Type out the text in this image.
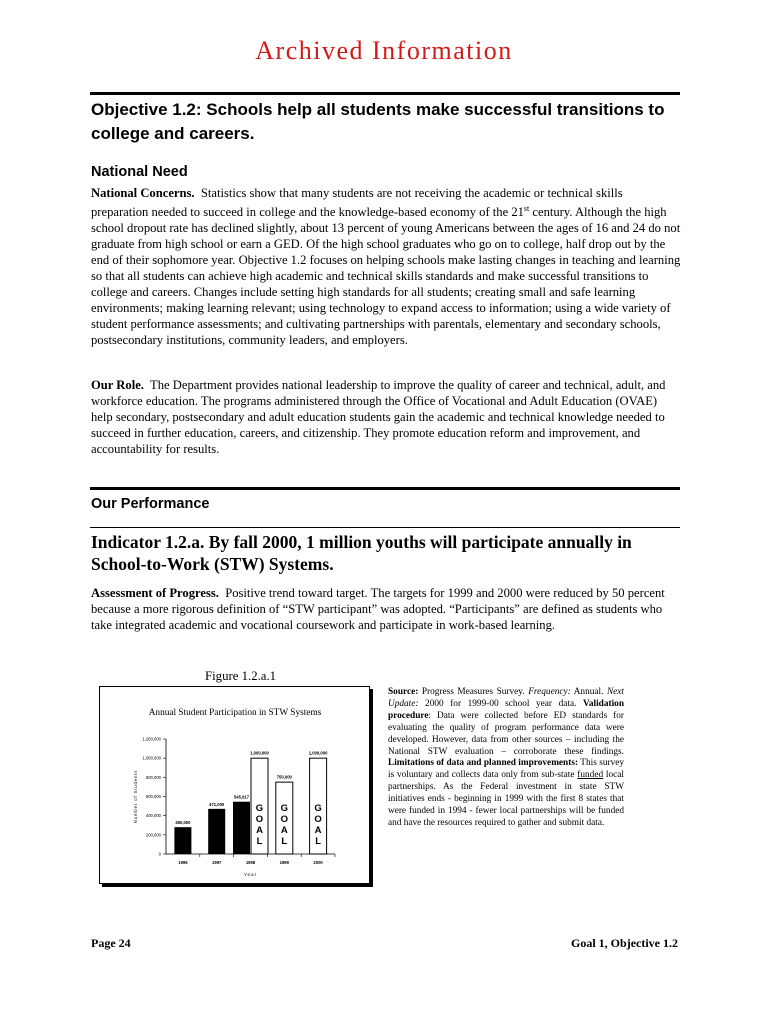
Archived Information
Objective 1.2: Schools help all students make successful transitions to college and careers.
National Need
National Concerns. Statistics show that many students are not receiving the academic or technical skills preparation needed to succeed in college and the knowledge-based economy of the 21st century. Although the high school dropout rate has declined slightly, about 13 percent of young Americans between the ages of 16 and 24 do not graduate from high school or earn a GED. Of the high school graduates who go on to college, half drop out by the end of their sophomore year. Objective 1.2 focuses on helping schools make lasting changes in teaching and learning so that all students can achieve high academic and technical skills standards and make successful transitions to college and careers. Changes include setting high standards for all students; creating small and safe learning environments; making learning relevant; using technology to expand access to information; using a wide variety of student performance assessments; and cultivating partnerships with parentals, elementary and secondary schools, postsecondary institutions, community leaders, and employers.
Our Role. The Department provides national leadership to improve the quality of career and technical, adult, and workforce education. The programs administered through the Office of Vocational and Adult Education (OVAE) help secondary, postsecondary and adult education students gain the academic and technical knowledge needed to succeed in further education, careers, and citizenship. They promote education reform and improvement, and accountability for results.
Our Performance
Indicator 1.2.a. By fall 2000, 1 million youths will participate annually in School-to-Work (STW) Systems.
Assessment of Progress. Positive trend toward target. The targets for 1999 and 2000 were reduced by 50 percent because a more rigorous definition of “STW participant” was adopted. “Participants” are defined as students who take integrated academic and vocational coursework and participate in work-based learning.
Figure 1.2.a.1
Annual Student Participation in STW Systems
0
200,000
400,000
600,000
800,000
1,000,000
1,200,000
1996
280,000
1997
471,000
1998
545,617
1,000,000
G
O
A
L
1999
750,000
G
O
A
L
2000
1,000,000
G
O
A
L
Year
Number of Students
Source: Progress Measures Survey. Frequency: Annual. Next Update: 2000 for 1999-00 school year data. Validation procedure: Data were collected before ED standards for evaluating the quality of program performance data were developed. However, data from other sources – including the National STW evaluation – corroborate these findings. Limitations of data and planned improvements: This survey is voluntary and collects data only from sub-state funded local partnerships. As the Federal investment in state STW initiatives ends - beginning in 1999 with the first 8 states that were funded in 1994 - fewer local partnerships will be funded and have the resources required to gather and submit data.
Page 24	Goal 1, Objective 1.2
